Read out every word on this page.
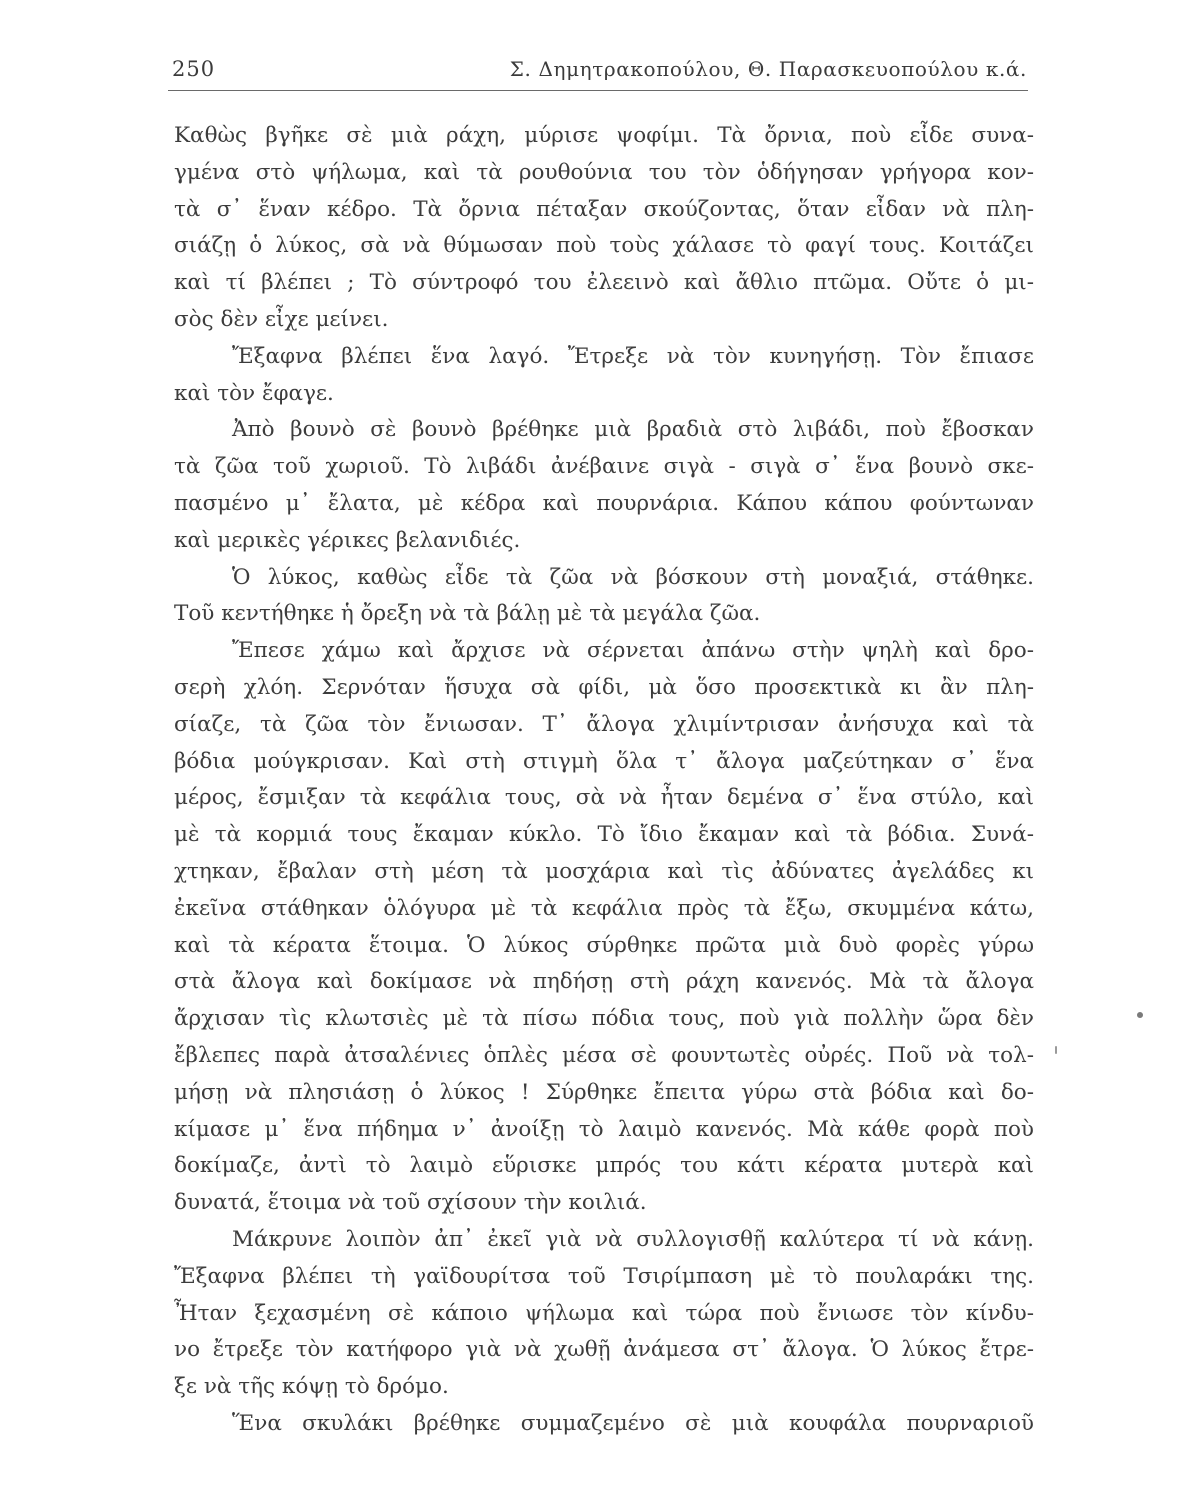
250	Σ. Δημητρακοπούλου, Θ. Παρασκευοπούλου κ.ά.
Καθὼς βγῆκε σὲ μιὰ ράχη, μύρισε ψοφίμι. Τὰ ὄρνια, ποὺ εἶδε συνα-
γμένα στὸ ψήλωμα, καὶ τὰ ρουθούνια του τὸν ὁδήγησαν γρήγορα κον-
τὰ σ᾽ ἕναν κέδρο. Τὰ ὄρνια πέταξαν σκούζοντας, ὅταν εἶδαν νὰ πλη-
σιάζῃ ὁ λύκος, σὰ νὰ θύμωσαν ποὺ τοὺς χάλασε τὸ φαγί τους. Κοιτάζει
καὶ τί βλέπει ; Τὸ σύντροφό του ἐλεεινὸ καὶ ἄθλιο πτῶμα. Οὔτε ὁ μι-
σὸς δὲν εἶχε μείνει.
Ἔξαφνα βλέπει ἕνα λαγό. Ἔτρεξε νὰ τὸν κυνηγήσῃ. Τὸν ἔπιασε
καὶ τὸν ἔφαγε.
Ἀπὸ βουνὸ σὲ βουνὸ βρέθηκε μιὰ βραδιὰ στὸ λιβάδι, ποὺ ἔβοσκαν
τὰ ζῶα τοῦ χωριοῦ. Τὸ λιβάδι ἀνέβαινε σιγὰ - σιγὰ σ᾽ ἕνα βουνὸ σκε-
πασμένο μ᾽ ἔλατα, μὲ κέδρα καὶ πουρνάρια. Κάπου κάπου φούντωναν
καὶ μερικὲς γέρικες βελανιδιές.
Ὁ λύκος, καθὼς εἶδε τὰ ζῶα νὰ βόσκουν στὴ μοναξιά, στάθηκε.
Τοῦ κεντήθηκε ἡ ὄρεξη νὰ τὰ βάλῃ μὲ τὰ μεγάλα ζῶα.
Ἔπεσε χάμω καὶ ἄρχισε νὰ σέρνεται ἀπάνω στὴν ψηλὴ καὶ δρο-
σερὴ χλόη. Σερνόταν ἥσυχα σὰ φίδι, μὰ ὅσο προσεκτικὰ κι ἂν πλη-
σίαζε, τὰ ζῶα τὸν ἔνιωσαν. Τ᾽ ἄλογα χλιμίντρισαν ἀνήσυχα καὶ τὰ
βόδια μούγκρισαν. Καὶ στὴ στιγμὴ ὅλα τ᾽ ἄλογα μαζεύτηκαν σ᾽ ἕνα
μέρος, ἔσμιξαν τὰ κεφάλια τους, σὰ νὰ ἦταν δεμένα σ᾽ ἕνα στύλο, καὶ
μὲ τὰ κορμιά τους ἔκαμαν κύκλο. Τὸ ἴδιο ἔκαμαν καὶ τὰ βόδια. Συνά-
χτηκαν, ἔβαλαν στὴ μέση τὰ μοσχάρια καὶ τὶς ἀδύνατες ἀγελάδες κι
ἐκεῖνα στάθηκαν ὁλόγυρα μὲ τὰ κεφάλια πρὸς τὰ ἔξω, σκυμμένα κάτω,
καὶ τὰ κέρατα ἕτοιμα. Ὁ λύκος σύρθηκε πρῶτα μιὰ δυὸ φορὲς γύρω
στὰ ἄλογα καὶ δοκίμασε νὰ πηδήσῃ στὴ ράχη κανενός. Μὰ τὰ ἄλογα
ἄρχισαν τὶς κλωτσιὲς μὲ τὰ πίσω πόδια τους, ποὺ γιὰ πολλὴν ὥρα δὲν
ἔβλεπες παρὰ ἀτσαλένιες ὁπλὲς μέσα σὲ φουντωτὲς οὐρές. Ποῦ νὰ τολ-
μήσῃ νὰ πλησιάσῃ ὁ λύκος ! Σύρθηκε ἔπειτα γύρω στὰ βόδια καὶ δο-
κίμασε μ᾽ ἕνα πήδημα ν᾽ ἀνοίξῃ τὸ λαιμὸ κανενός. Μὰ κάθε φορὰ ποὺ
δοκίμαζε, ἀντὶ τὸ λαιμὸ εὕρισκε μπρός του κάτι κέρατα μυτερὰ καὶ
δυνατά, ἕτοιμα νὰ τοῦ σχίσουν τὴν κοιλιά.
Μάκρυνε λοιπὸν ἀπ᾽ ἐκεῖ γιὰ νὰ συλλογισθῇ καλύτερα τί νὰ κάνῃ.
Ἔξαφνα βλέπει τὴ γαϊδουρίτσα τοῦ Τσιρίμπαση μὲ τὸ πουλαράκι της.
Ἦταν ξεχασμένη σὲ κάποιο ψήλωμα καὶ τώρα ποὺ ἔνιωσε τὸν κίνδυ-
νο ἔτρεξε τὸν κατήφορο γιὰ νὰ χωθῇ ἀνάμεσα στ᾽ ἄλογα. Ὁ λύκος ἔτρε-
ξε νὰ τῆς κόψῃ τὸ δρόμο.
Ἕνα σκυλάκι βρέθηκε συμμαζεμένο σὲ μιὰ κουφάλα πουρναριοῦ
